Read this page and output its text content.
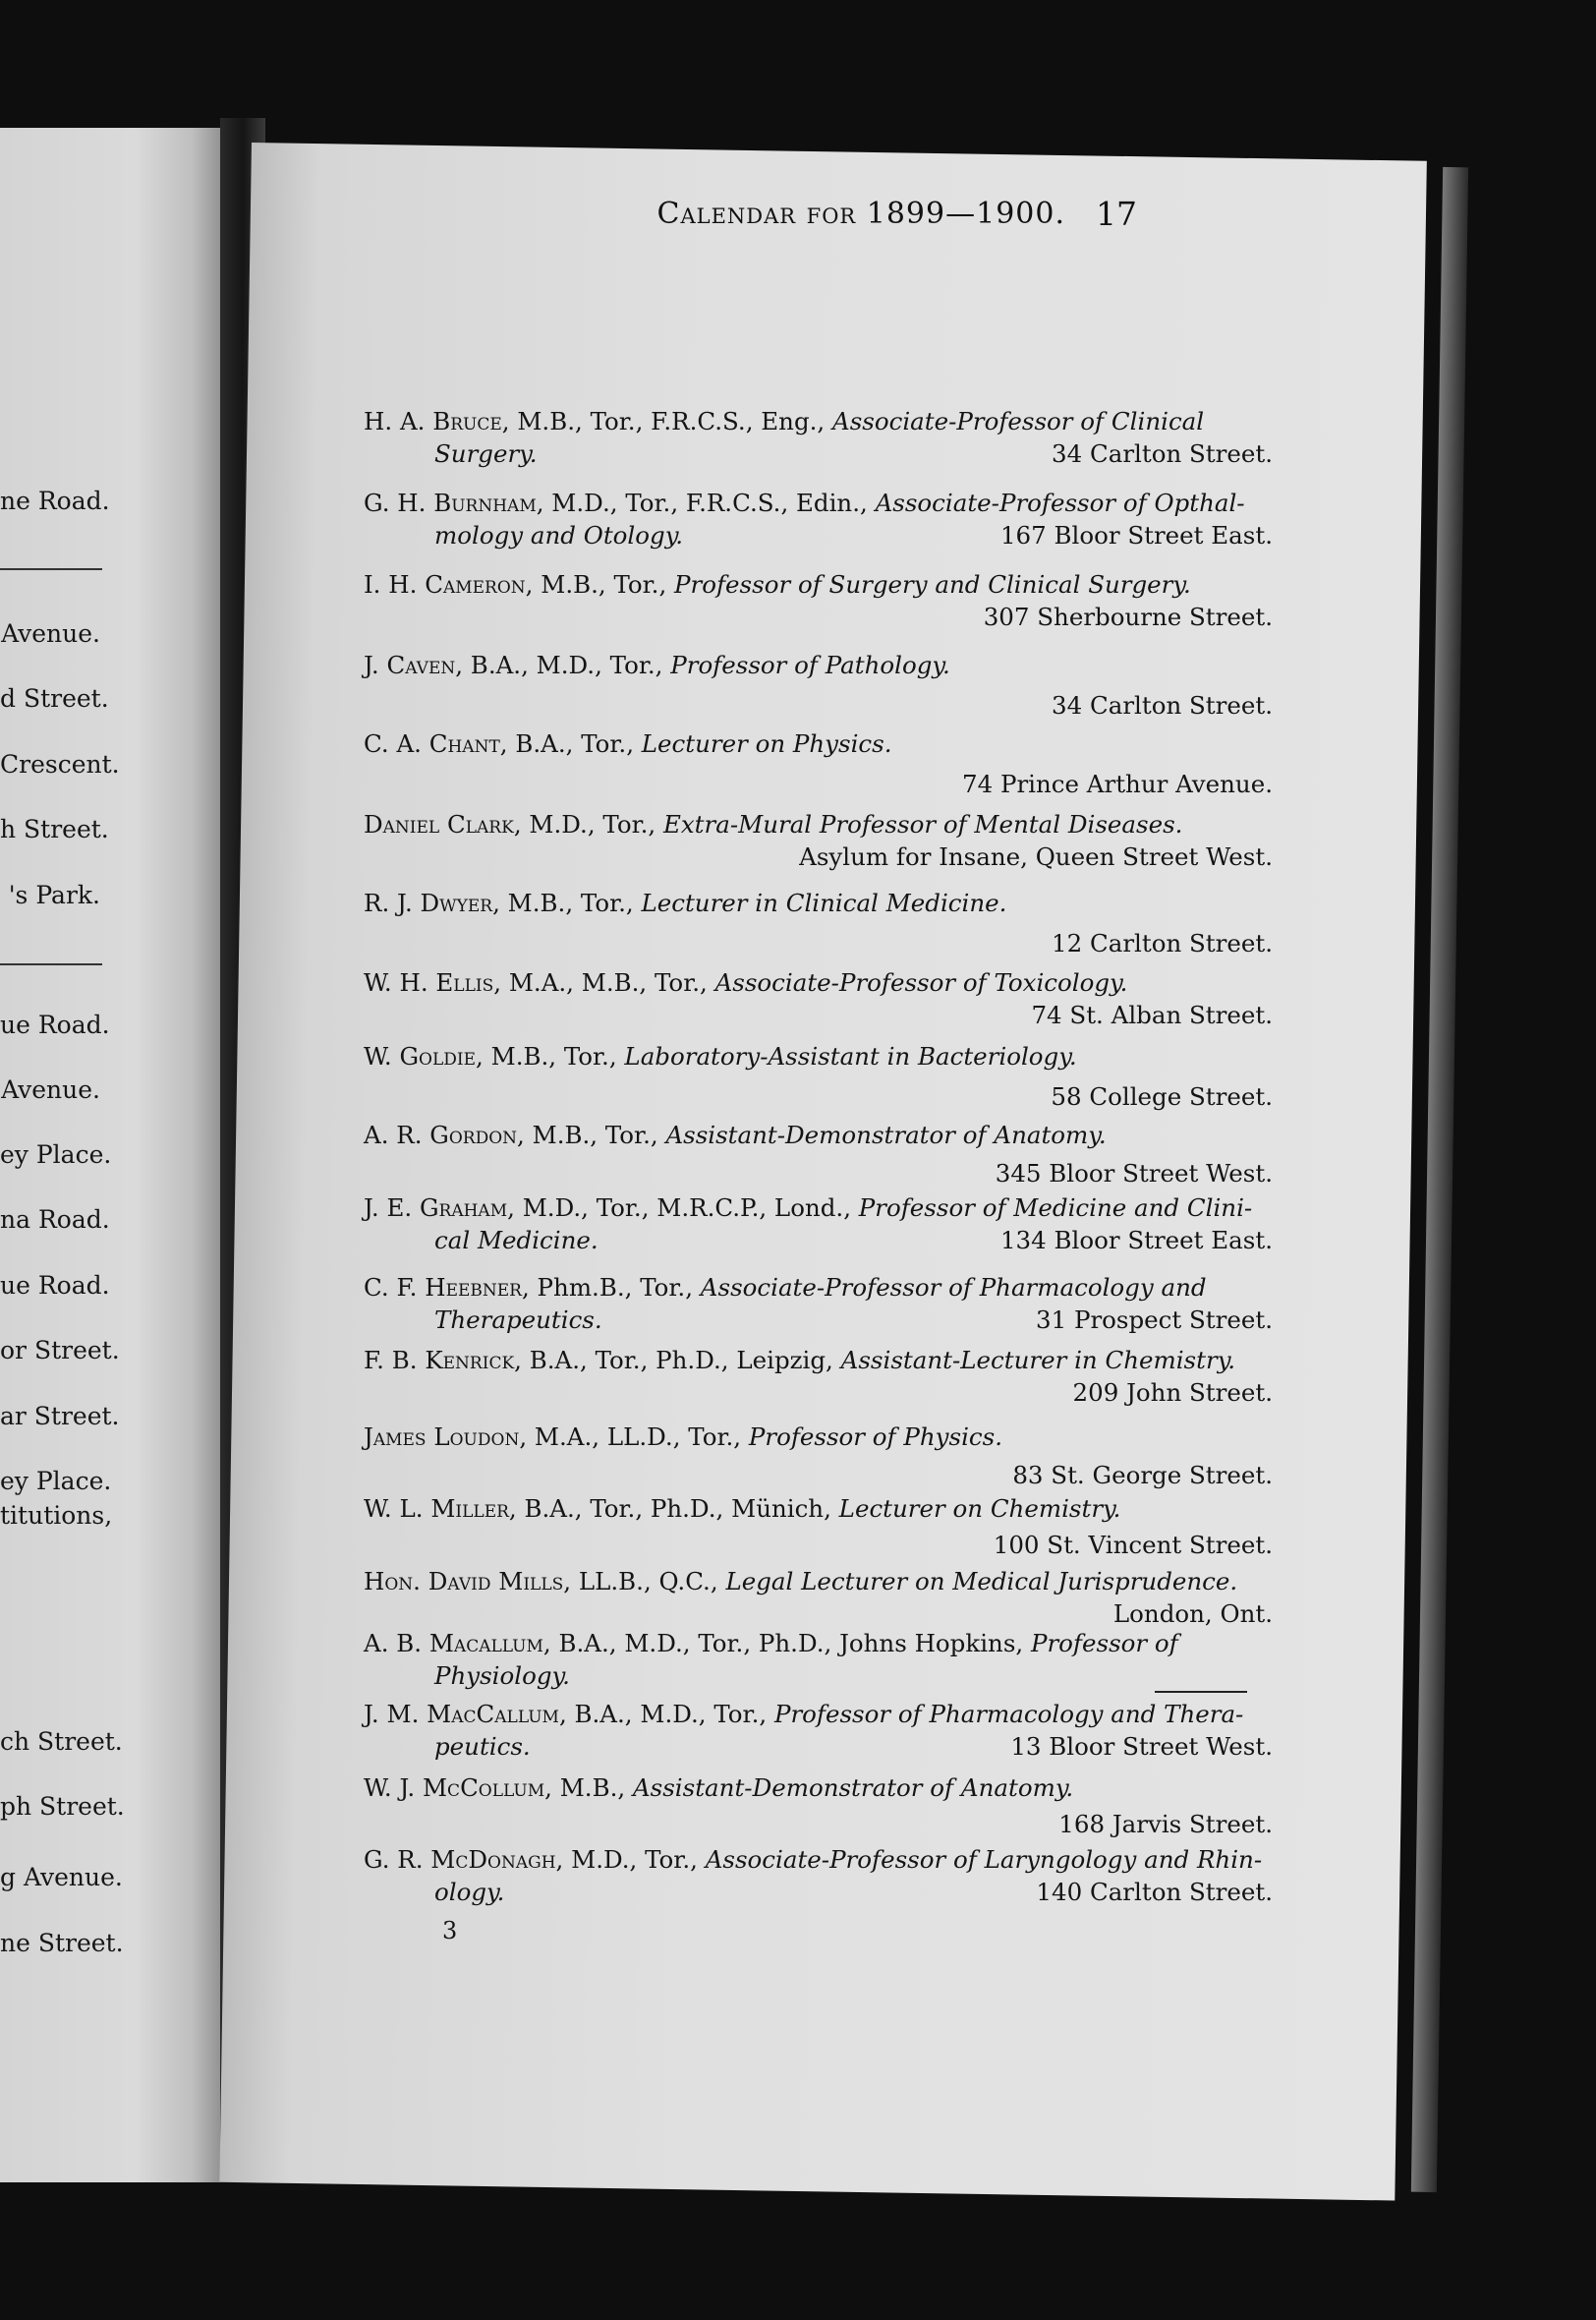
ne Road.
Avenue.
d Street.
Crescent.
h Street.
's Park.
ue Road.
Avenue.
ey Place.
na Road.
ue Road.
or Street.
ar Street.
ey Place.
titutions,
ch Street.
ph Street.
g Avenue.
ne Street.
Calendar for 1899—1900. 17
H. A. Bruce, M.B., Tor., F.R.C.S., Eng., Associate-Professor of Clinical
Surgery.	34 Carlton Street.
G. H. Burnham, M.D., Tor., F.R.C.S., Edin., Associate-Professor of Opthal-
mology and Otology.	167 Bloor Street East.
I. H. Cameron, M.B., Tor., Professor of Surgery and Clinical Surgery.
307 Sherbourne Street.
J. Caven, B.A., M.D., Tor., Professor of Pathology.
34 Carlton Street.
C. A. Chant, B.A., Tor., Lecturer on Physics.
74 Prince Arthur Avenue.
Daniel Clark, M.D., Tor., Extra-Mural Professor of Mental Diseases.
Asylum for Insane, Queen Street West.
R. J. Dwyer, M.B., Tor., Lecturer in Clinical Medicine.
12 Carlton Street.
W. H. Ellis, M.A., M.B., Tor., Associate-Professor of Toxicology.
74 St. Alban Street.
W. Goldie, M.B., Tor., Laboratory-Assistant in Bacteriology.
58 College Street.
A. R. Gordon, M.B., Tor., Assistant-Demonstrator of Anatomy.
345 Bloor Street West.
J. E. Graham, M.D., Tor., M.R.C.P., Lond., Professor of Medicine and Clini-
cal Medicine.	134 Bloor Street East.
C. F. Heebner, Phm.B., Tor., Associate-Professor of Pharmacology and
Therapeutics.	31 Prospect Street.
F. B. Kenrick, B.A., Tor., Ph.D., Leipzig, Assistant-Lecturer in Chemistry.
209 John Street.
James Loudon, M.A., LL.D., Tor., Professor of Physics.
83 St. George Street.
W. L. Miller, B.A., Tor., Ph.D., Münich, Lecturer on Chemistry.
100 St. Vincent Street.
Hon. David Mills, LL.B., Q.C., Legal Lecturer on Medical Jurisprudence.
London, Ont.
A. B. Macallum, B.A., M.D., Tor., Ph.D., Johns Hopkins, Professor of
Physiology.
J. M. MacCallum, B.A., M.D., Tor., Professor of Pharmacology and Thera-
peutics.	13 Bloor Street West.
W. J. McCollum, M.B., Assistant-Demonstrator of Anatomy.
168 Jarvis Street.
G. R. McDonagh, M.D., Tor., Associate-Professor of Laryngology and Rhin-
ology.	140 Carlton Street.
3
